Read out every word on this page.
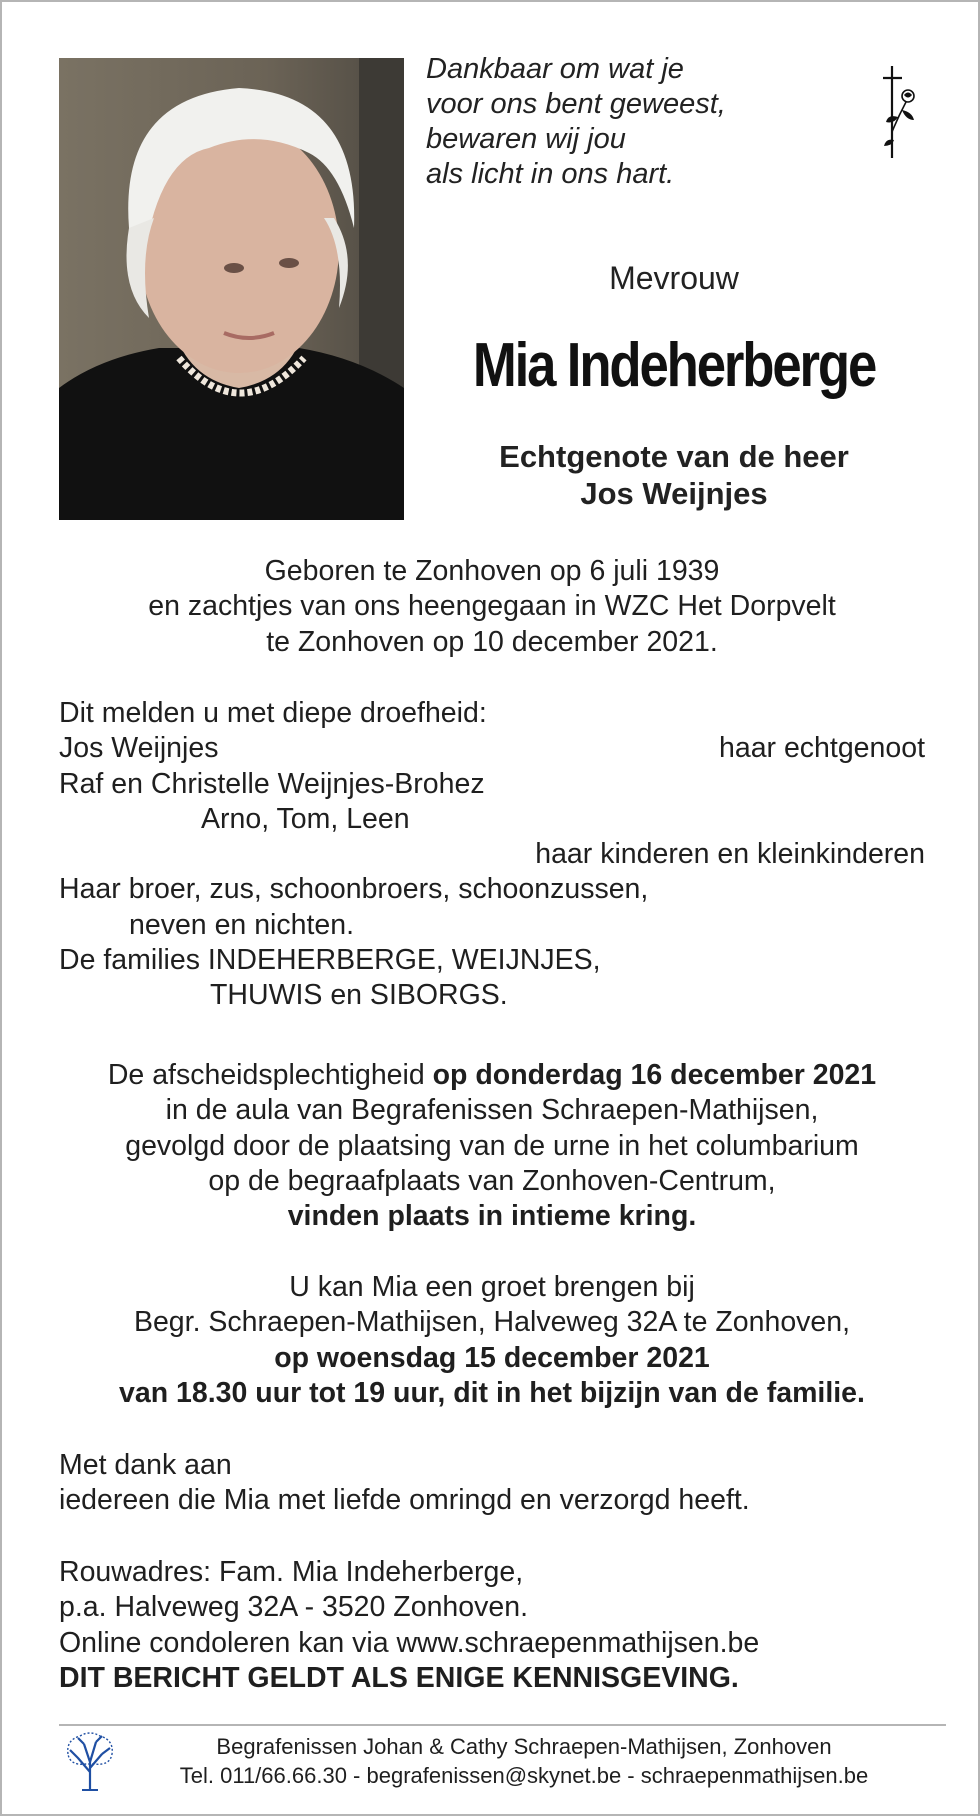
Dankbaar om wat je
voor ons bent geweest,
bewaren wij jou
als licht in ons hart.
Mevrouw
Mia Indeherberge
Echtgenote van de heer
Jos Weijnjes
Geboren te Zonhoven op 6 juli 1939
en zachtjes van ons heengegaan in WZC Het Dorpvelt
te Zonhoven op 10 december 2021.
Dit melden u met diepe droefheid:
Jos Weijnjes	haar echtgenoot
Raf en Christelle Weijnjes-Brohez
Arno, Tom, Leen
haar kinderen en kleinkinderen
Haar broer, zus, schoonbroers, schoonzussen,
neven en nichten.
De families INDEHERBERGE, WEIJNJES,
THUWIS en SIBORGS.
De afscheidsplechtigheid op donderdag 16 december 2021
in de aula van Begrafenissen Schraepen-Mathijsen,
gevolgd door de plaatsing van de urne in het columbarium
op de begraafplaats van Zonhoven-Centrum,
vinden plaats in intieme kring.
U kan Mia een groet brengen bij
Begr. Schraepen-Mathijsen, Halveweg 32A te Zonhoven,
op woensdag 15 december 2021
van 18.30 uur tot 19 uur, dit in het bijzijn van de familie.
Met dank aan
iedereen die Mia met liefde omringd en verzorgd heeft.
Rouwadres: Fam. Mia Indeherberge,
p.a. Halveweg 32A - 3520 Zonhoven.
Online condoleren kan via www.schraepenmathijsen.be
DIT BERICHT GELDT ALS ENIGE KENNISGEVING.
Begrafenissen Johan & Cathy Schraepen-Mathijsen, Zonhoven
Tel. 011/66.66.30 - begrafenissen@skynet.be - schraepenmathijsen.be
